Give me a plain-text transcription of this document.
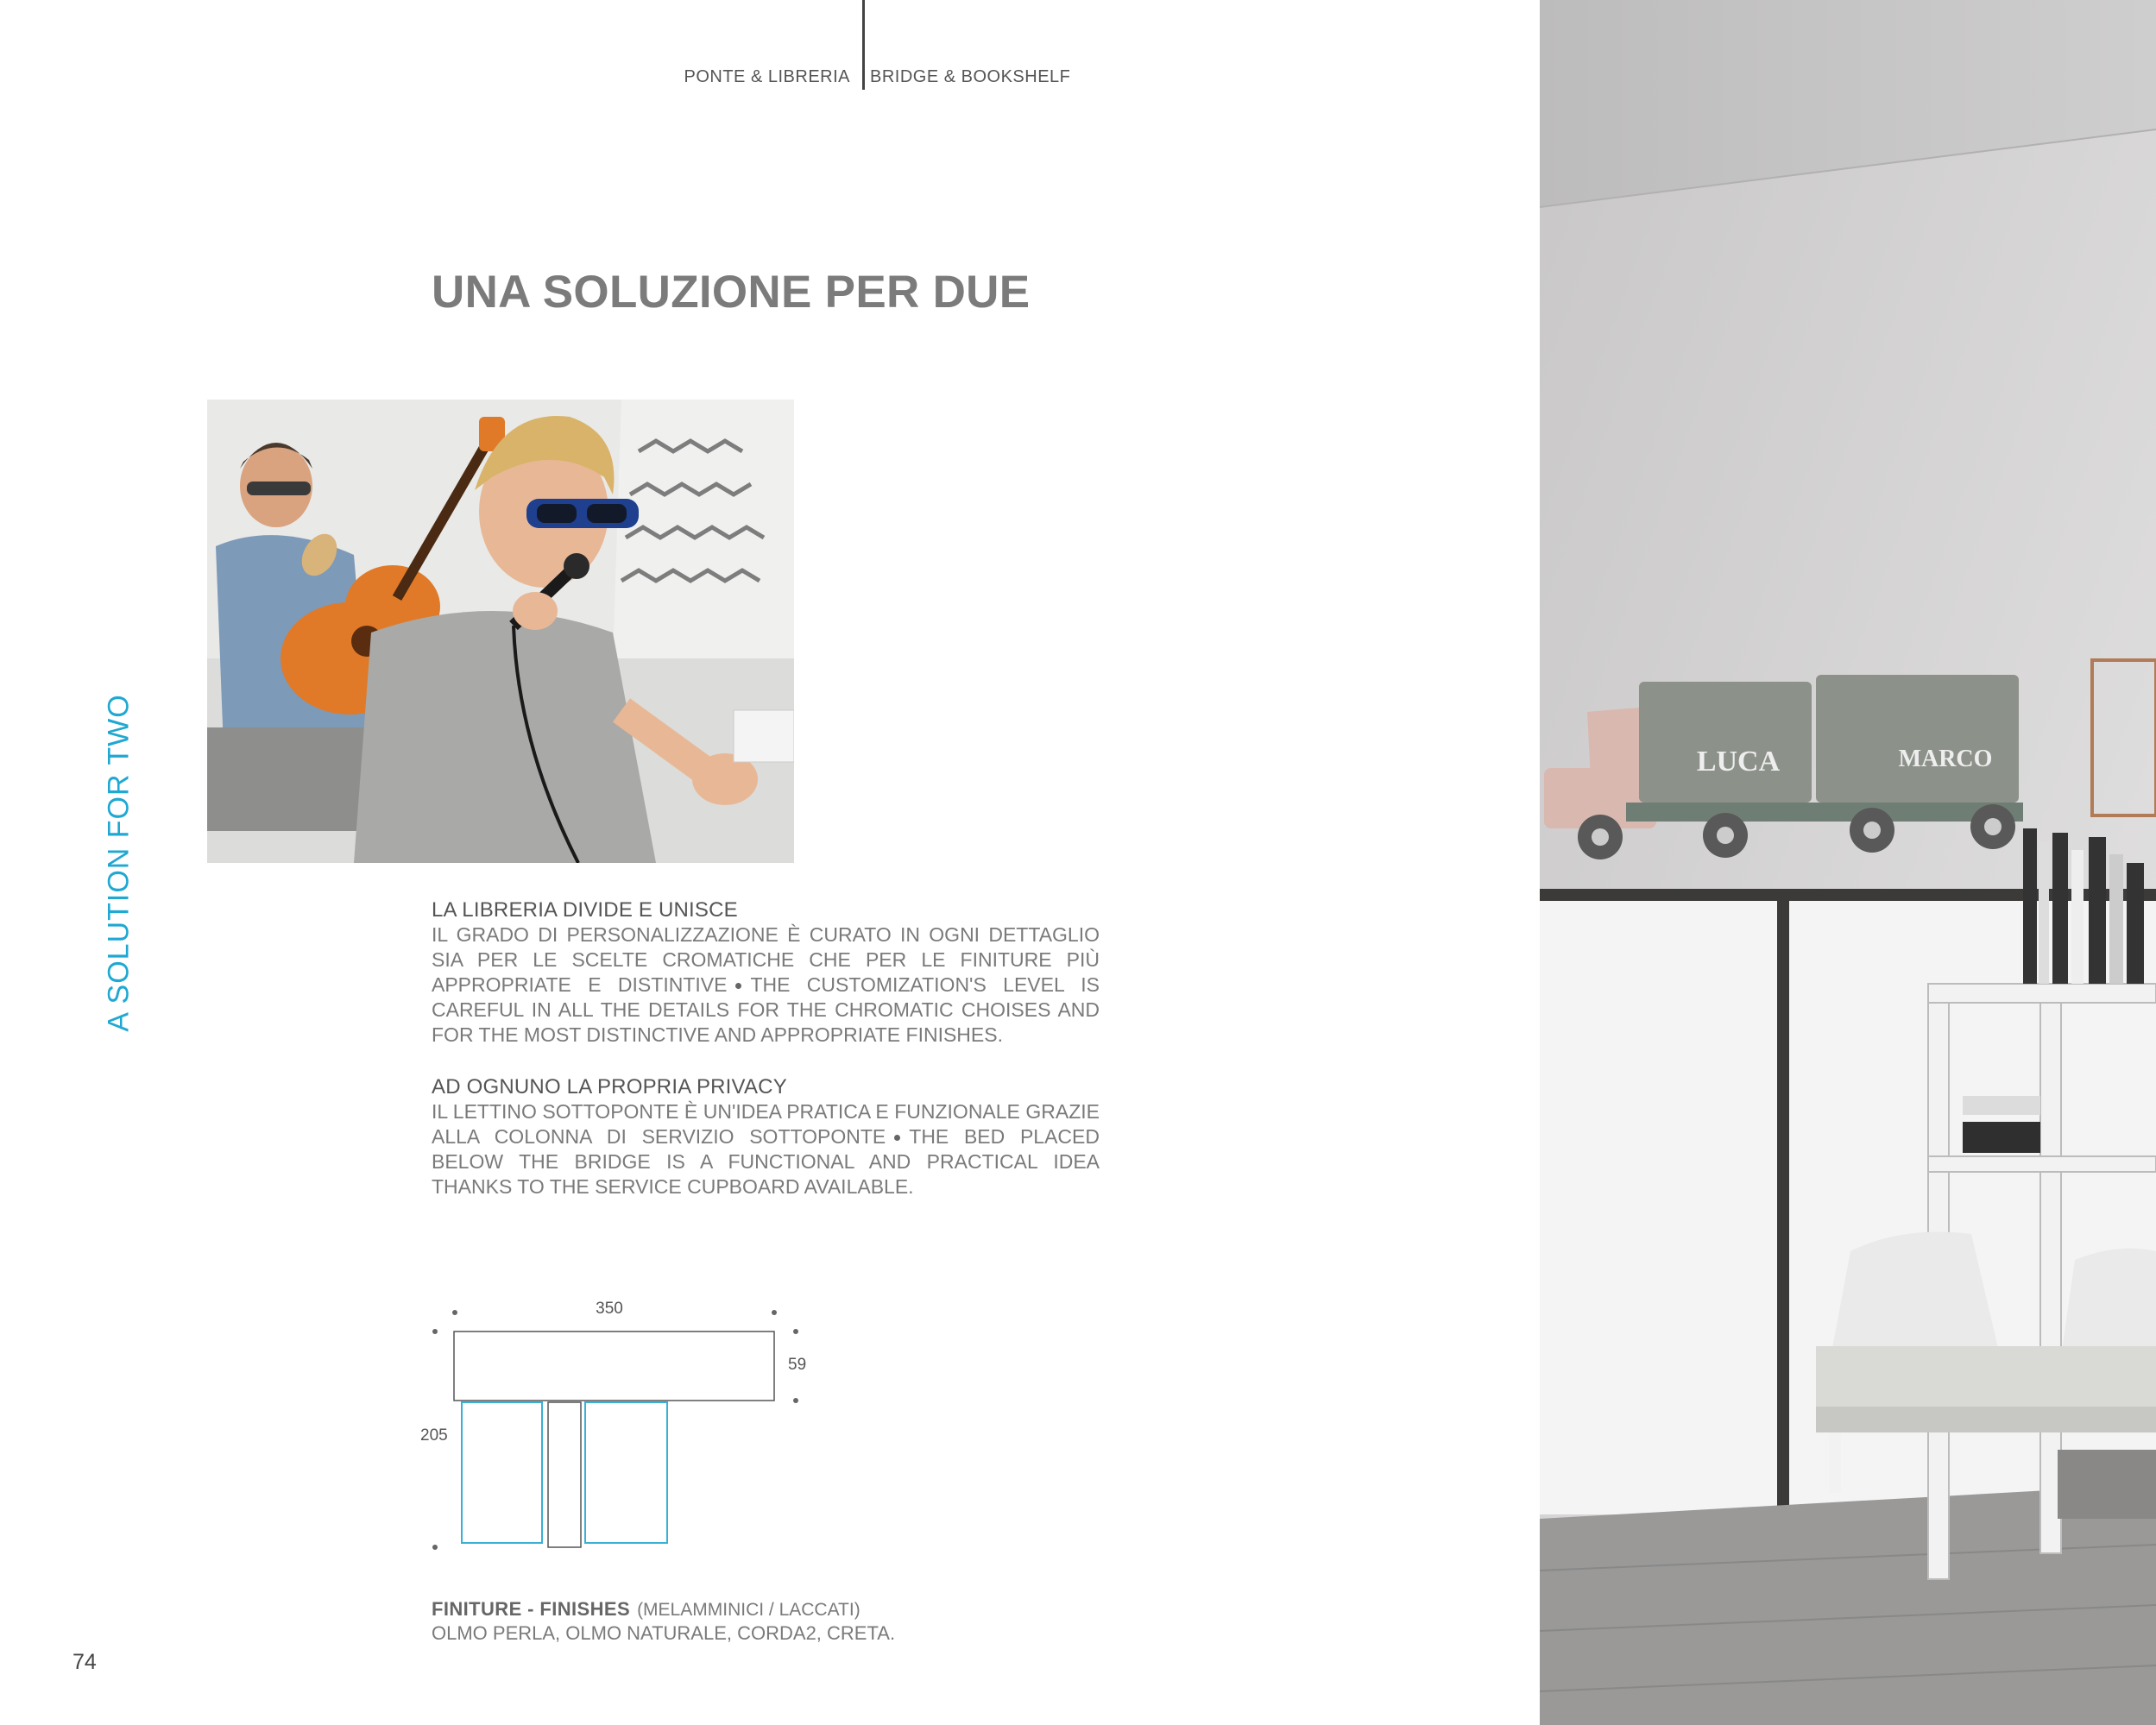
PONTE & LIBRERIA BRIDGE & BOOKSHELF
UNA SOLUZIONE PER DUE
A SOLUTION FOR TWO	LA LIBRERIA DIVIDE E UNISCE

IL GRADO DI PERSONALIZZAZIONE È CURATO IN OGNI DETTAGLIO SIA PER LE SCELTE CROMATICHE CHE PER LE FINITURE PIÙ APPROPRIATE E DISTINTIVE THE CUSTOMIZATION'S LEVEL IS CAREFUL IN ALL THE DETAILS FOR THE CHROMATIC CHOISES AND FOR THE MOST DISTINCTIVE AND APPROPRIATE FINISHES.

AD OGNUNO LA PROPRIA PRIVACY

IL LETTINO SOTTOPONTE È UN'IDEA PRATICA E FUNZIONALE GRAZIE ALLA COLONNA DI SERVIZIO SOTTOPONTE THE BED PLACED BELOW THE BRIDGE IS A FUNCTIONAL AND PRACTICAL IDEA THANKS TO THE SERVICE CUPBOARD AVAILABLE.

350
59
205
FINITURE - FINISHES (MELAMMINICI / LACCATI)
OLMO PERLA, OLMO NATURALE, CORDA2, CRETA.
74
LUCA	MARCO
